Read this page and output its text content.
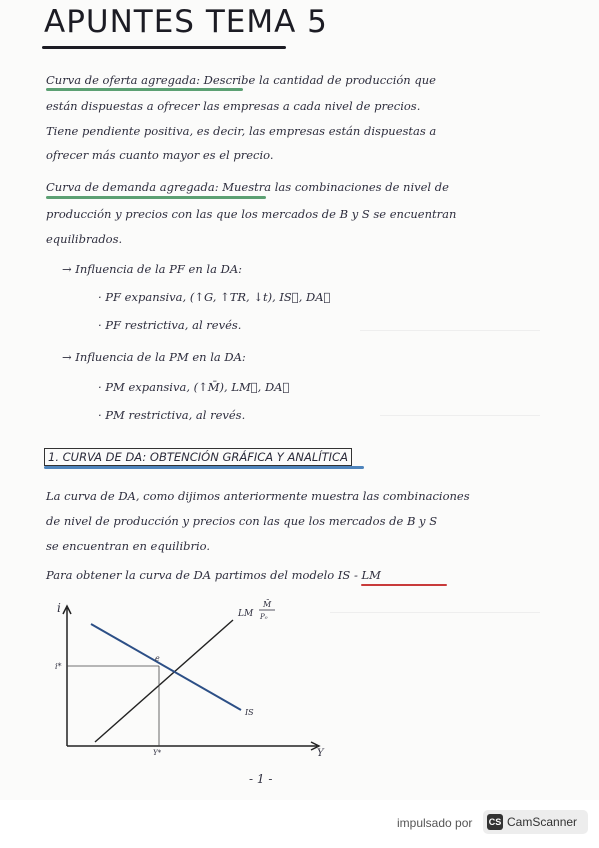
APUNTES TEMA 5
Curva de oferta agregada: Describe la cantidad de producción que
están dispuestas a ofrecer las empresas a cada nivel de precios.
Tiene pendiente positiva, es decir, las empresas están dispuestas a
ofrecer más cuanto mayor es el precio.
Curva de demanda agregada: Muestra las combinaciones de nivel de
producción y precios con las que los mercados de B y S se encuentran
equilibrados.
→ Influencia de la PF en la DA:
· PF expansiva, (↑G, ↑TR, ↓t), IS⃗, DA⃗
· PF restrictiva, al revés.
→ Influencia de la PM en la DA:
· PM expansiva, (↑M̄), LM⃗, DA⃗
· PM restrictiva, al revés.
1. CURVA DE DA: OBTENCIÓN GRÁFICA Y ANALÍTICA
La curva de DA, como dijimos anteriormente muestra las combinaciones
de nivel de producción y precios con las que los mercados de B y S
se encuentran en equilibrio.
Para obtener la curva de DA partimos del modelo IS - LM
i
Y
LM
M̄
P₀
IS
e
i*
Y*
- 1 -
impulsado por CS CamScanner
